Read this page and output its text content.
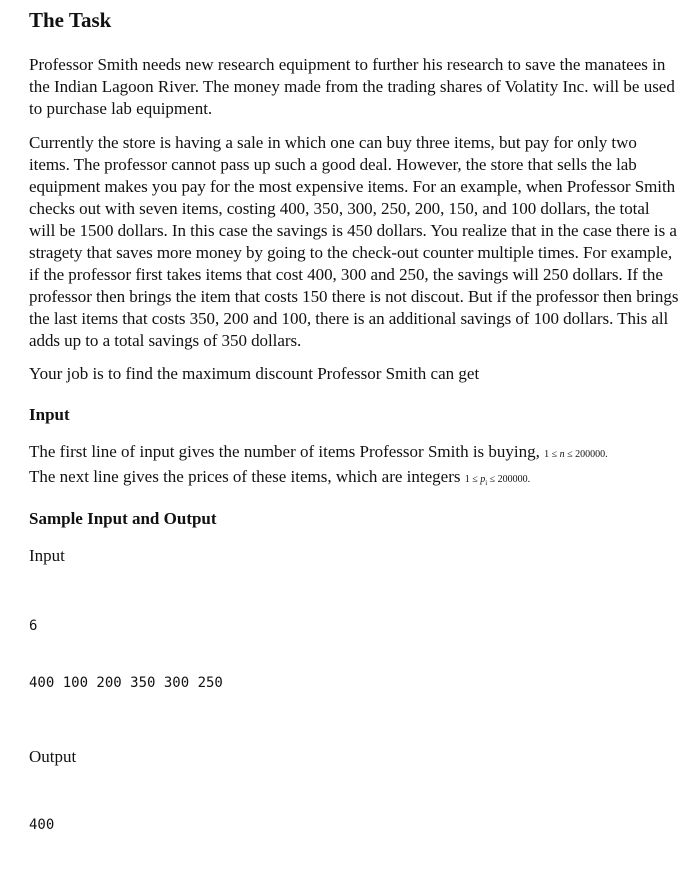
The Task

Professor Smith needs new research equipment to further his research to save the manatees in the Indian Lagoon River. The money made from the trading shares of Volatity Inc. will be used to purchase lab equipment.

Currently the store is having a sale in which one can buy three items, but pay for only two items. The professor cannot pass up such a good deal. However, the store that sells the lab equipment makes you pay for the most expensive items. For an example, when Professor Smith checks out with seven items, costing 400, 350, 300, 250, 200, 150, and 100 dollars, the total will be 1500 dollars. In this case the savings is 450 dollars. You realize that in the case there is a stragety that saves more money by going to the check-out counter multiple times. For example, if the professor first takes items that cost 400, 300 and 250, the savings will 250 dollars. If the professor then brings the item that costs 150 there is not discout. But if the professor then brings the last items that costs 350, 200 and 100, there is an additional savings of 100 dollars. This all adds up to a total savings of 350 dollars.

Your job is to find the maximum discount Professor Smith can get

Input

The first line of input gives the number of items Professor Smith is buying, 1 ≤ n ≤ 200000.
The next line gives the prices of these items, which are integers $1 \le p_i \le 200000$.

Sample Input and Output

Input

6

400 100 200 350 300 250

Output

400
